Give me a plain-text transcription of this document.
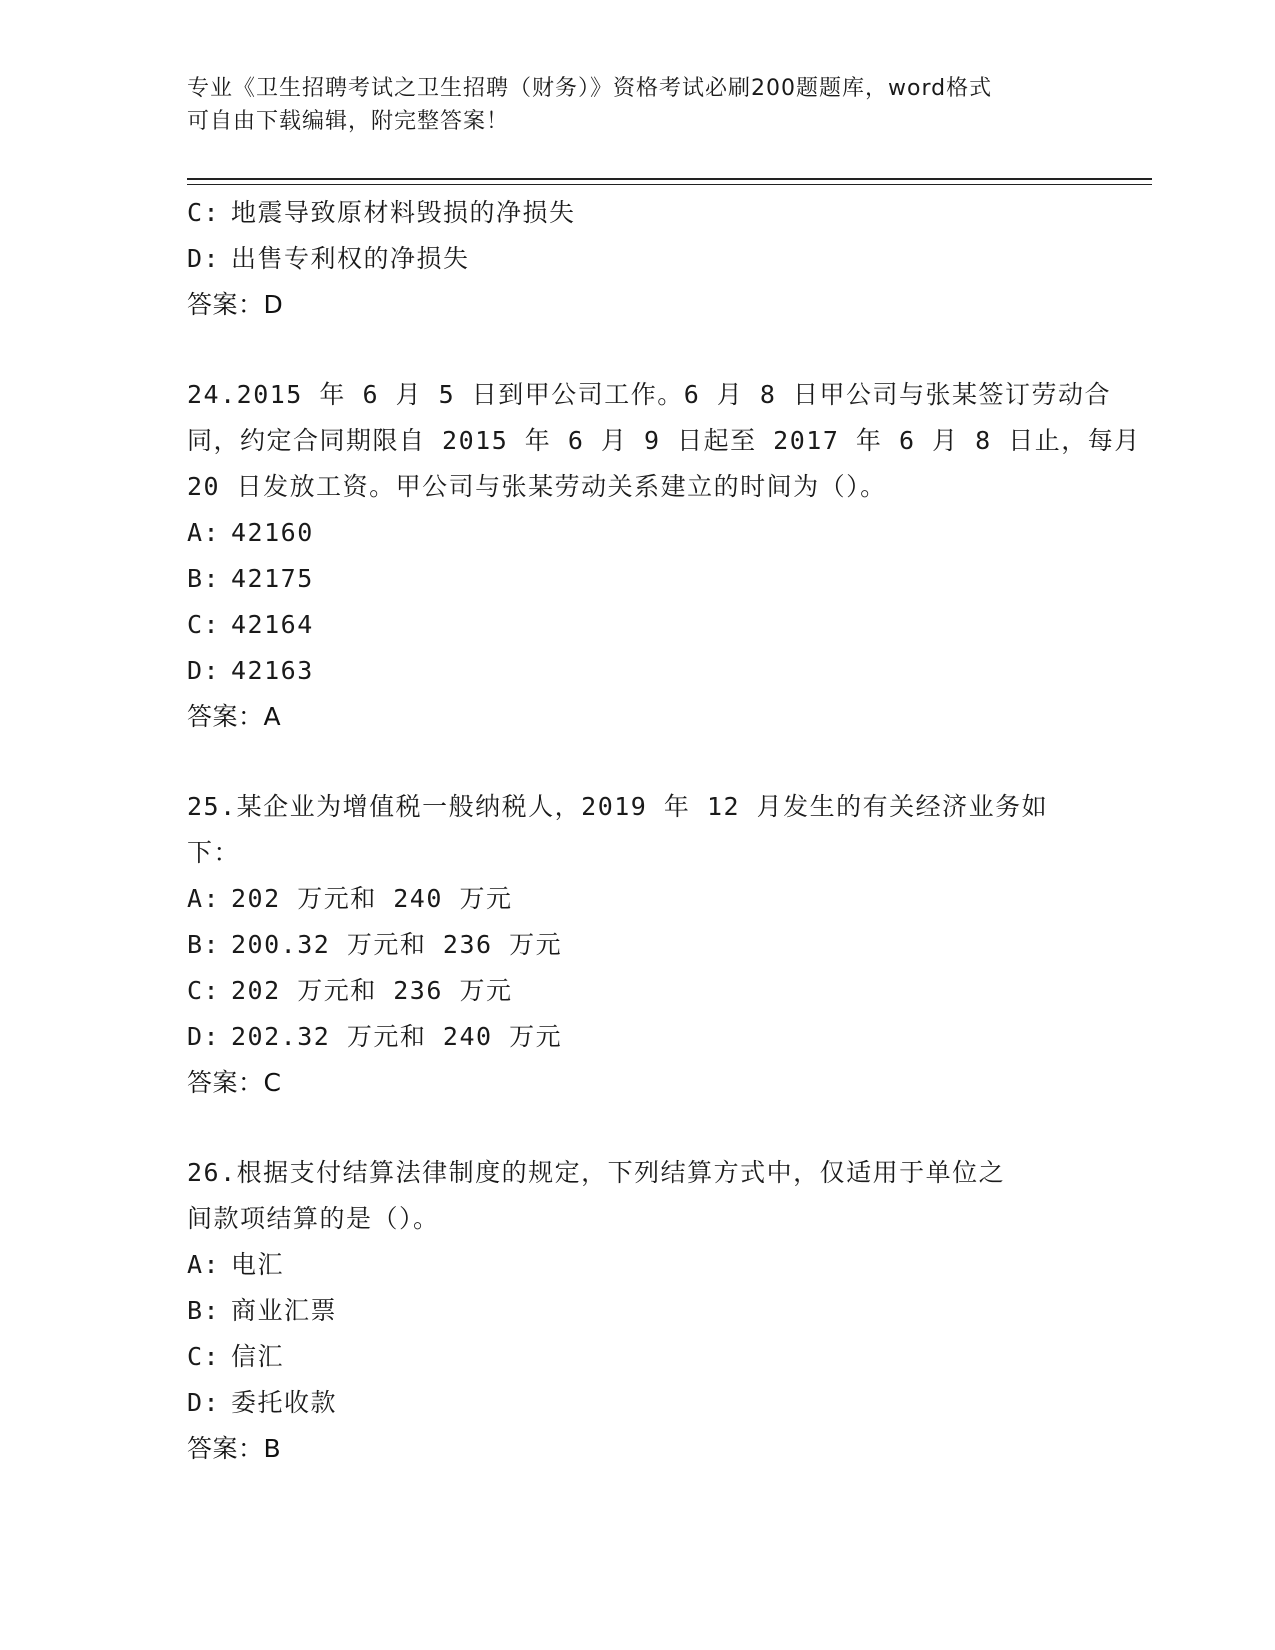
专业《卫生招聘考试之卫生招聘（财务）》资格考试必刷200题题库，word格式
可自由下载编辑，附完整答案！
C: 地震导致原材料毁损的净损失
D: 出售专利权的净损失
答案：D
24.2015 年 6 月 5 日到甲公司工作。6 月 8 日甲公司与张某签订劳动合
同，约定合同期限自 2015 年 6 月 9 日起至 2017 年 6 月 8 日止，每月
20 日发放工资。甲公司与张某劳动关系建立的时间为（）。
A: 42160
B: 42175
C: 42164
D: 42163
答案：A
25.某企业为增值税一般纳税人，2019 年 12 月发生的有关经济业务如
下：
A: 202 万元和 240 万元
B: 200.32 万元和 236 万元
C: 202 万元和 236 万元
D: 202.32 万元和 240 万元
答案：C
26.根据支付结算法律制度的规定，下列结算方式中，仅适用于单位之
间款项结算的是（）。
A: 电汇
B: 商业汇票
C: 信汇
D: 委托收款
答案：B
